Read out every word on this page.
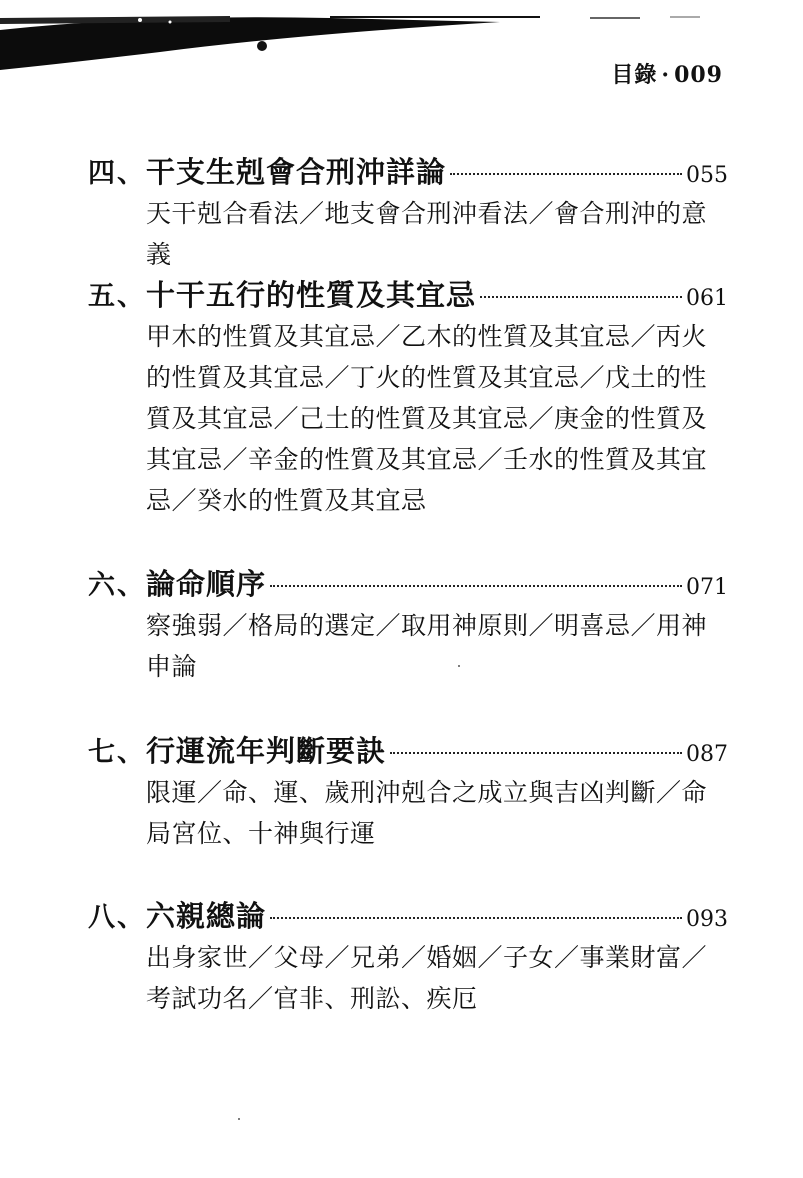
目錄 · 009
四、 干支生剋會合刑沖詳論	055
天干剋合看法／地支會合刑沖看法／會合刑沖的意義
五、 十干五行的性質及其宜忌	061
甲木的性質及其宜忌／乙木的性質及其宜忌／丙火的性質及其宜忌／丁火的性質及其宜忌／戊土的性質及其宜忌／己土的性質及其宜忌／庚金的性質及其宜忌／辛金的性質及其宜忌／壬水的性質及其宜忌／癸水的性質及其宜忌
六、 論命順序	071
察強弱／格局的選定／取用神原則／明喜忌／用神申論
七、 行運流年判斷要訣	087
限運／命、運、歲刑沖剋合之成立與吉凶判斷／命局宮位、十神與行運
八、 六親總論	093
出身家世／父母／兄弟／婚姻／子女／事業財富／考試功名／官非、刑訟、疾厄
